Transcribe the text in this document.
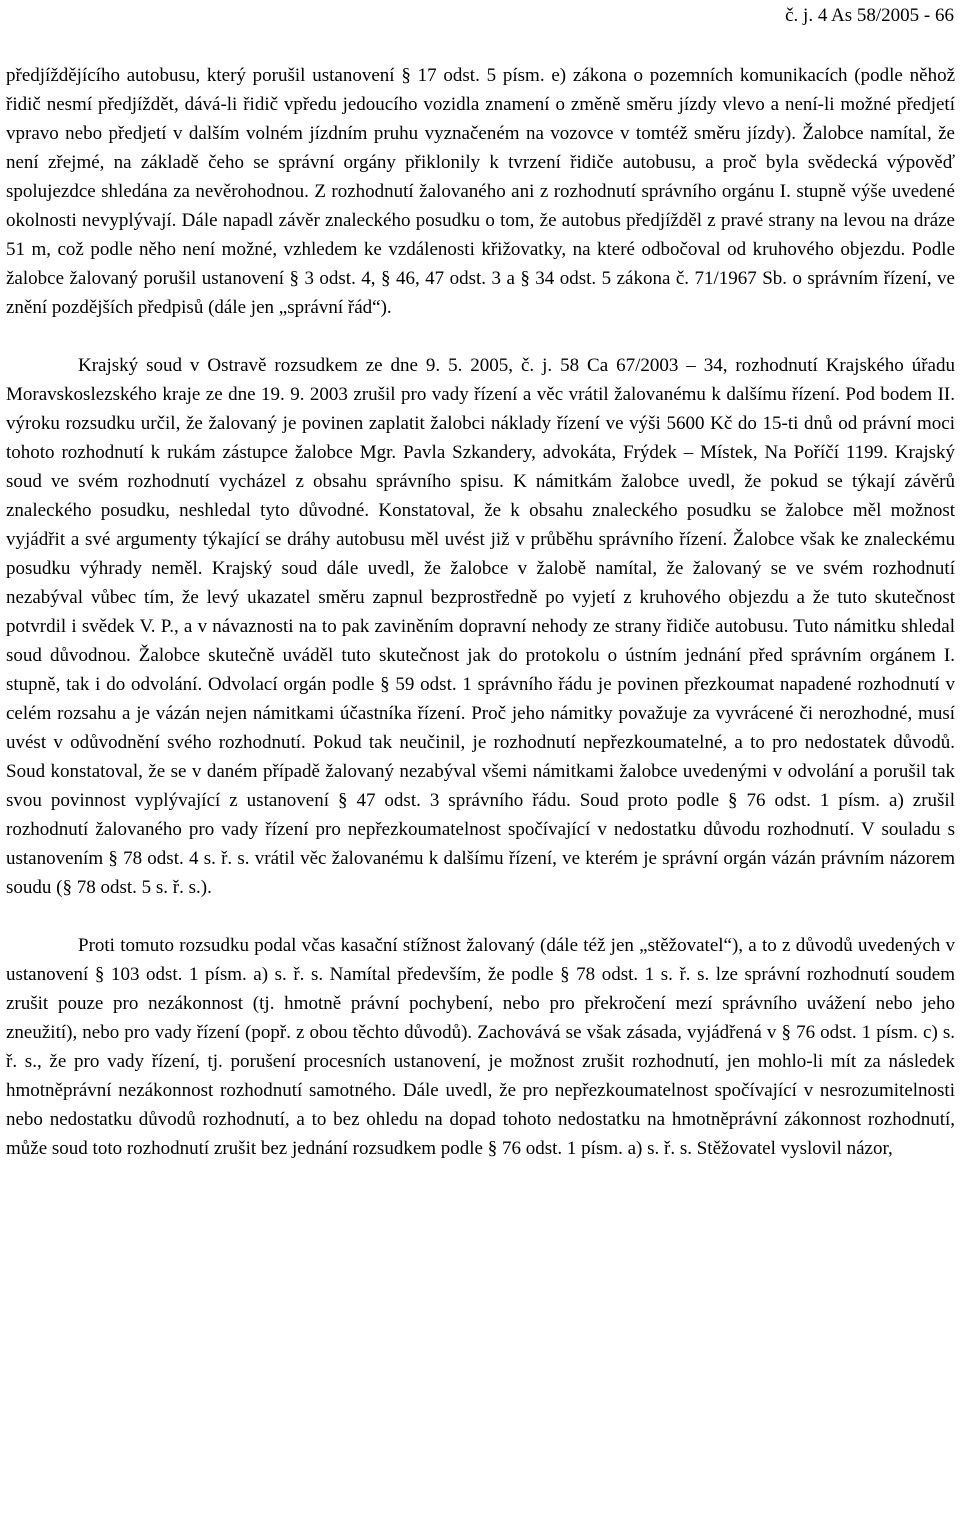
č. j. 4 As 58/2005 - 66

předjíždějícího autobusu, který porušil ustanovení § 17 odst. 5 písm. e) zákona o pozemních komunikacích (podle něhož řidič nesmí předjíždět, dává-li řidič vpředu jedoucího vozidla znamení o změně směru jízdy vlevo a není-li možné předjetí vpravo nebo předjetí v dalším volném jízdním pruhu vyznačeném na vozovce v tomtéž směru jízdy). Žalobce namítal, že není zřejmé, na základě čeho se správní orgány přiklonily k tvrzení řidiče autobusu, a proč byla svědecká výpověď spolujezdce shledána za nevěrohodnou. Z rozhodnutí žalovaného ani z rozhodnutí správního orgánu I. stupně výše uvedené okolnosti nevyplývají. Dále napadl závěr znaleckého posudku o tom, že autobus předjížděl z pravé strany na levou na dráze 51 m, což podle něho není možné, vzhledem ke vzdálenosti křižovatky, na které odbočoval od kruhového objezdu. Podle žalobce žalovaný porušil ustanovení § 3 odst. 4, § 46, 47 odst. 3 a § 34 odst. 5 zákona č. 71/1967 Sb. o správním řízení, ve znění pozdějších předpisů (dále jen „správní řád“).

Krajský soud v Ostravě rozsudkem ze dne 9. 5. 2005, č. j. 58 Ca 67/2003 – 34, rozhodnutí Krajského úřadu Moravskoslezského kraje ze dne 19. 9. 2003 zrušil pro vady řízení a věc vrátil žalovanému k dalšímu řízení. Pod bodem II. výroku rozsudku určil, že žalovaný je povinen zaplatit žalobci náklady řízení ve výši 5600 Kč do 15-ti dnů od právní moci tohoto rozhodnutí k rukám zástupce žalobce Mgr. Pavla Szkandery, advokáta, Frýdek – Místek, Na Poříčí 1199. Krajský soud ve svém rozhodnutí vycházel z obsahu správního spisu. K námitkám žalobce uvedl, že pokud se týkají závěrů znaleckého posudku, neshledal tyto důvodné. Konstatoval, že k obsahu znaleckého posudku se žalobce měl možnost vyjádřit a své argumenty týkající se dráhy autobusu měl uvést již v průběhu správního řízení. Žalobce však ke znaleckému posudku výhrady neměl. Krajský soud dále uvedl, že žalobce v žalobě namítal, že žalovaný se ve svém rozhodnutí nezabýval vůbec tím, že levý ukazatel směru zapnul bezprostředně po vyjetí z kruhového objezdu a že tuto skutečnost potvrdil i svědek V. P., a v návaznosti na to pak zaviněním dopravní nehody ze strany řidiče autobusu. Tuto námitku shledal soud důvodnou. Žalobce skutečně uváděl tuto skutečnost jak do protokolu o ústním jednání před správním orgánem I. stupně, tak i do odvolání. Odvolací orgán podle § 59 odst. 1 správního řádu je povinen přezkoumat napadené rozhodnutí v celém rozsahu a je vázán nejen námitkami účastníka řízení. Proč jeho námitky považuje za vyvrácené či nerozhodné, musí uvést v odůvodnění svého rozhodnutí. Pokud tak neučinil, je rozhodnutí nepřezkoumatelné, a to pro nedostatek důvodů. Soud konstatoval, že se v daném případě žalovaný nezabýval všemi námitkami žalobce uvedenými v odvolání a porušil tak svou povinnost vyplývající z ustanovení § 47 odst. 3 správního řádu. Soud proto podle § 76 odst. 1 písm. a) zrušil rozhodnutí žalovaného pro vady řízení pro nepřezkoumatelnost spočívající v nedostatku důvodu rozhodnutí. V souladu s ustanovením § 78 odst. 4 s. ř. s. vrátil věc žalovanému k dalšímu řízení, ve kterém je správní orgán vázán právním názorem soudu (§ 78 odst. 5 s. ř. s.).

Proti tomuto rozsudku podal včas kasační stížnost žalovaný (dále též jen „stěžovatel“), a to z důvodů uvedených v ustanovení § 103 odst. 1 písm. a) s. ř. s. Namítal především, že podle § 78 odst. 1 s. ř. s. lze správní rozhodnutí soudem zrušit pouze pro nezákonnost (tj. hmotně právní pochybení, nebo pro překročení mezí správního uvážení nebo jeho zneužití), nebo pro vady řízení (popř. z obou těchto důvodů). Zachovává se však zásada, vyjádřená v § 76 odst. 1 písm. c) s. ř. s., že pro vady řízení, tj. porušení procesních ustanovení, je možnost zrušit rozhodnutí, jen mohlo-li mít za následek hmotněprávní nezákonnost rozhodnutí samotného. Dále uvedl, že pro nepřezkoumatelnost spočívající v nesrozumitelnosti nebo nedostatku důvodů rozhodnutí, a to bez ohledu na dopad tohoto nedostatku na hmotněprávní zákonnost rozhodnutí, může soud toto rozhodnutí zrušit bez jednání rozsudkem podle § 76 odst. 1 písm. a) s. ř. s. Stěžovatel vyslovil názor,
